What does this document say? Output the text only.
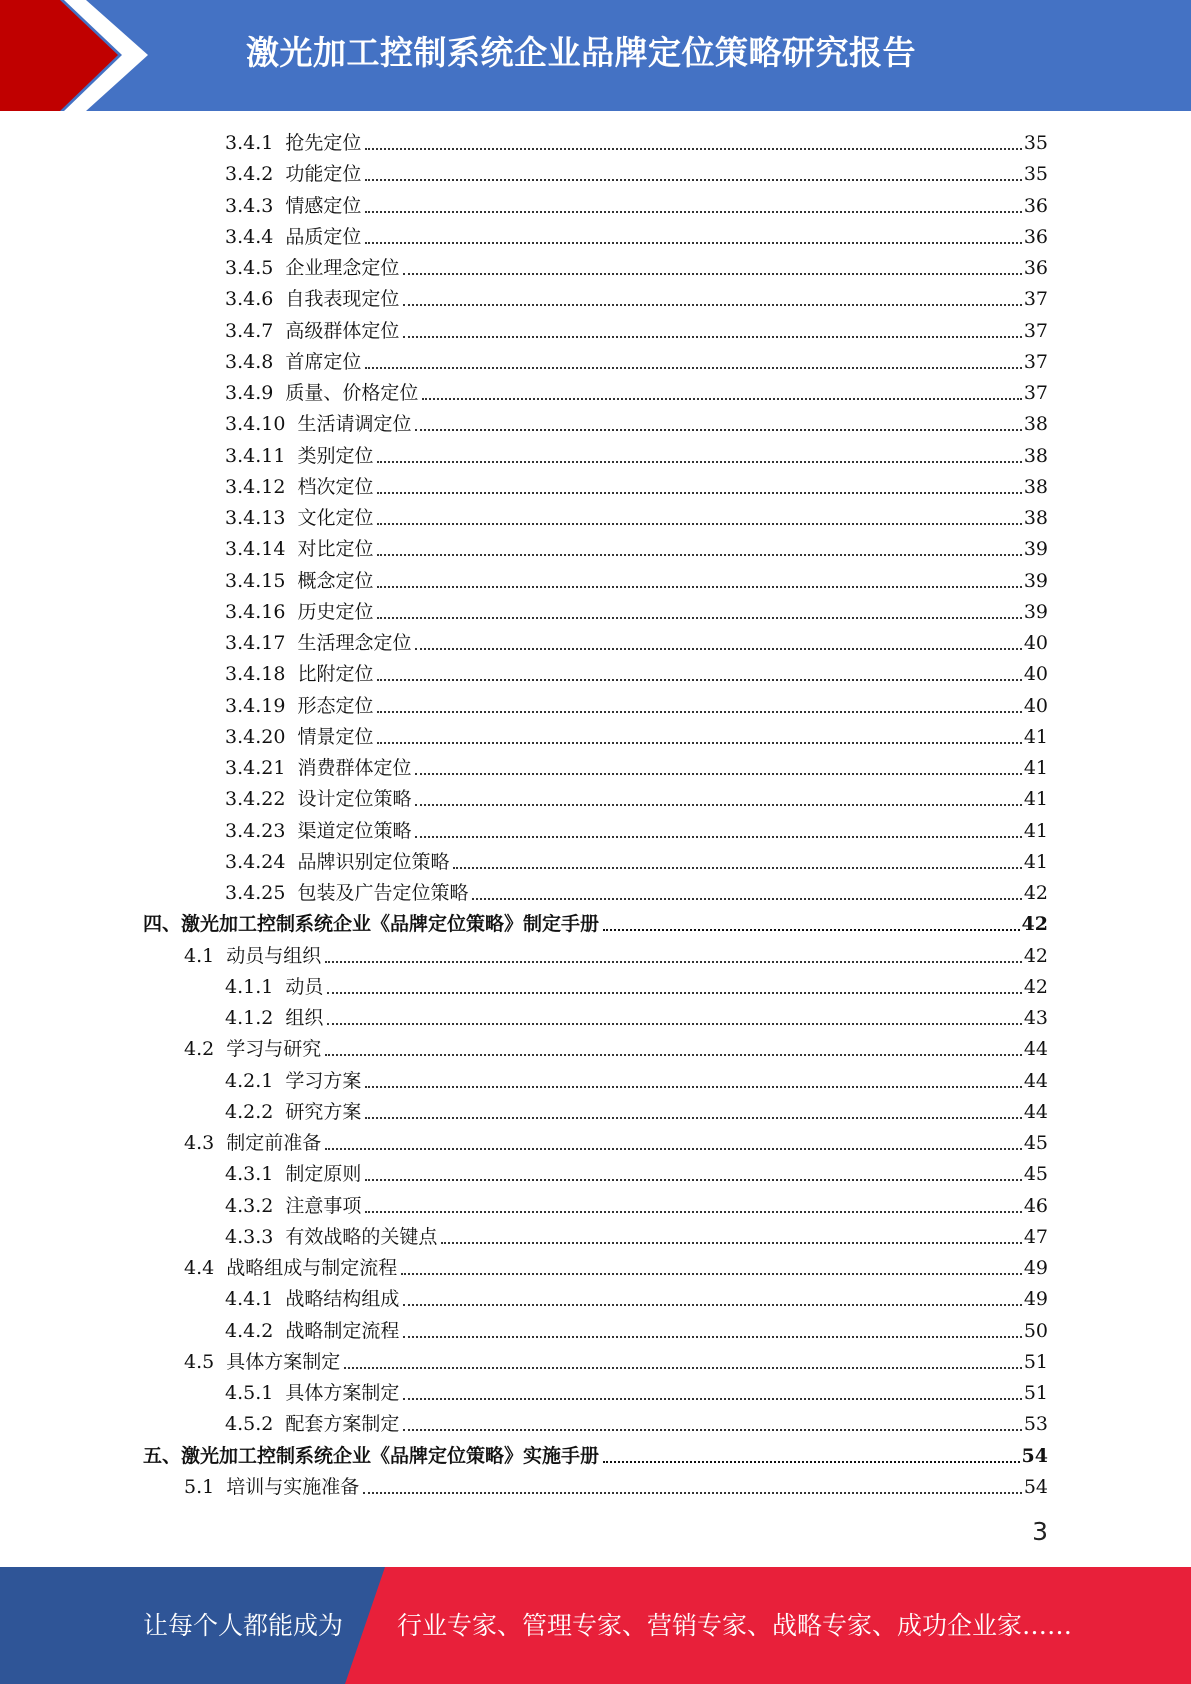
激光加工控制系统企业品牌定位策略研究报告
3.4.1 抢先定位	35
3.4.2 功能定位	35
3.4.3 情感定位	36
3.4.4 品质定位	36
3.4.5 企业理念定位	36
3.4.6 自我表现定位	37
3.4.7 高级群体定位	37
3.4.8 首席定位	37
3.4.9 质量、价格定位	37
3.4.10 生活请调定位	38
3.4.11 类别定位	38
3.4.12 档次定位	38
3.4.13 文化定位	38
3.4.14 对比定位	39
3.4.15 概念定位	39
3.4.16 历史定位	39
3.4.17 生活理念定位	40
3.4.18 比附定位	40
3.4.19 形态定位	40
3.4.20 情景定位	41
3.4.21 消费群体定位	41
3.4.22 设计定位策略	41
3.4.23 渠道定位策略	41
3.4.24 品牌识别定位策略	41
3.4.25 包装及广告定位策略	42
四、激光加工控制系统企业《品牌定位策略》制定手册	42
4.1 动员与组织	42
4.1.1 动员	42
4.1.2 组织	43
4.2 学习与研究	44
4.2.1 学习方案	44
4.2.2 研究方案	44
4.3 制定前准备	45
4.3.1 制定原则	45
4.3.2 注意事项	46
4.3.3 有效战略的关键点	47
4.4 战略组成与制定流程	49
4.4.1 战略结构组成	49
4.4.2 战略制定流程	50
4.5 具体方案制定	51
4.5.1 具体方案制定	51
4.5.2 配套方案制定	53
五、激光加工控制系统企业《品牌定位策略》实施手册	54
5.1 培训与实施准备	54
3
让每个人都能成为 行业专家、管理专家、营销专家、战略专家、成功企业家……
